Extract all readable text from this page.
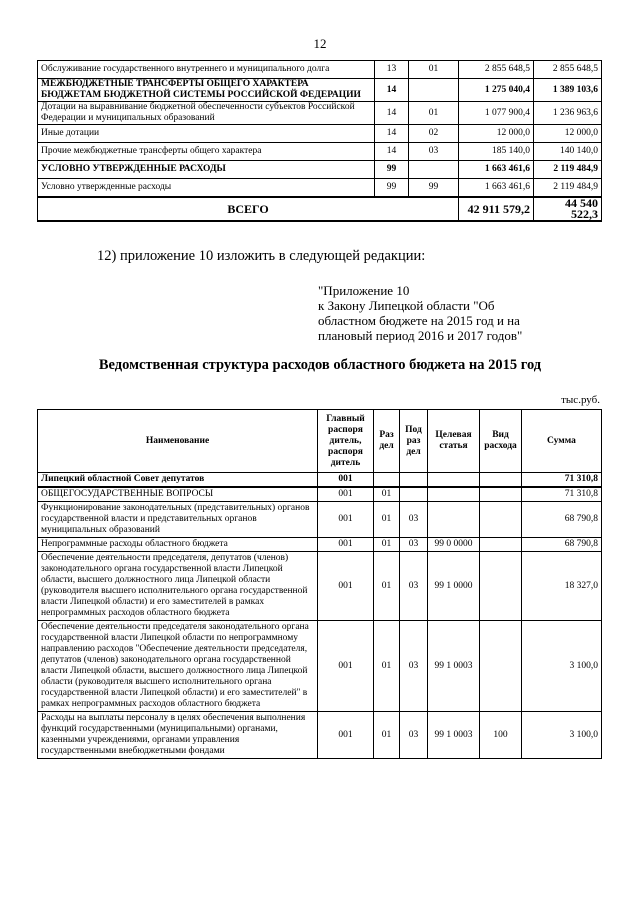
12
Обслуживание государственного внутреннего и муниципального долга	13	01	2 855 648,5	2 855 648,5
МЕЖБЮДЖЕТНЫЕ ТРАНСФЕРТЫ ОБЩЕГО ХАРАКТЕРА БЮДЖЕТАМ БЮДЖЕТНОЙ СИСТЕМЫ РОССИЙСКОЙ ФЕДЕРАЦИИ	14		1 275 040,4	1 389 103,6
Дотации на выравнивание бюджетной обеспеченности субъектов Российской Федерации и муниципальных образований	14	01	1 077 900,4	1 236 963,6
Иные дотации	14	02	12 000,0	12 000,0
Прочие межбюджетные трансферты общего характера	14	03	185 140,0	140 140,0
УСЛОВНО УТВЕРЖДЕННЫЕ РАСХОДЫ	99		1 663 461,6	2 119 484,9
Условно утвержденные расходы	99	99	1 663 461,6	2 119 484,9
ВСЕГО			42 911 579,2	44 540 522,3
12) приложение 10 изложить в следующей редакции:
"Приложение 10
к Закону Липецкой области "Об
областном бюджете на 2015 год и на
плановый период 2016 и 2017 годов"
Ведомственная структура расходов областного бюджета на 2015 год
тыс.руб.
Наименование	Главный распоря дитель, распоря дитель	Раз дел	Под раз дел	Целевая статья	Вид расхода	Сумма
Липецкий областной Совет депутатов	001					71 310,8
ОБЩЕГОСУДАРСТВЕННЫЕ ВОПРОСЫ	001	01				71 310,8
Функционирование законодательных (представительных) органов государственной власти и представительных органов муниципальных образований	001	01	03			68 790,8
Непрограммные расходы областного бюджета	001	01	03	99 0 0000		68 790,8
Обеспечение деятельности председателя, депутатов (членов) законодательного органа государственной власти Липецкой области, высшего должностного лица Липецкой области (руководителя высшего исполнительного органа государственной власти Липецкой области) и его заместителей в рамках непрограммных расходов областного бюджета	001	01	03	99 1 0000		18 327,0
Обеспечение деятельности председателя законодательного органа государственной власти Липецкой области по непрограммному направлению расходов "Обеспечение деятельности председателя, депутатов (членов) законодательного органа государственной власти Липецкой области, высшего должностного лица Липецкой области (руководителя высшего исполнительного органа государственной власти Липецкой области) и его заместителей" в рамках непрограммных расходов областного бюджета	001	01	03	99 1 0003		3 100,0
Расходы на выплаты персоналу в целях обеспечения выполнения функций государственными (муниципальными) органами, казенными учреждениями, органами управления государственными внебюджетными фондами	001	01	03	99 1 0003	100	3 100,0
